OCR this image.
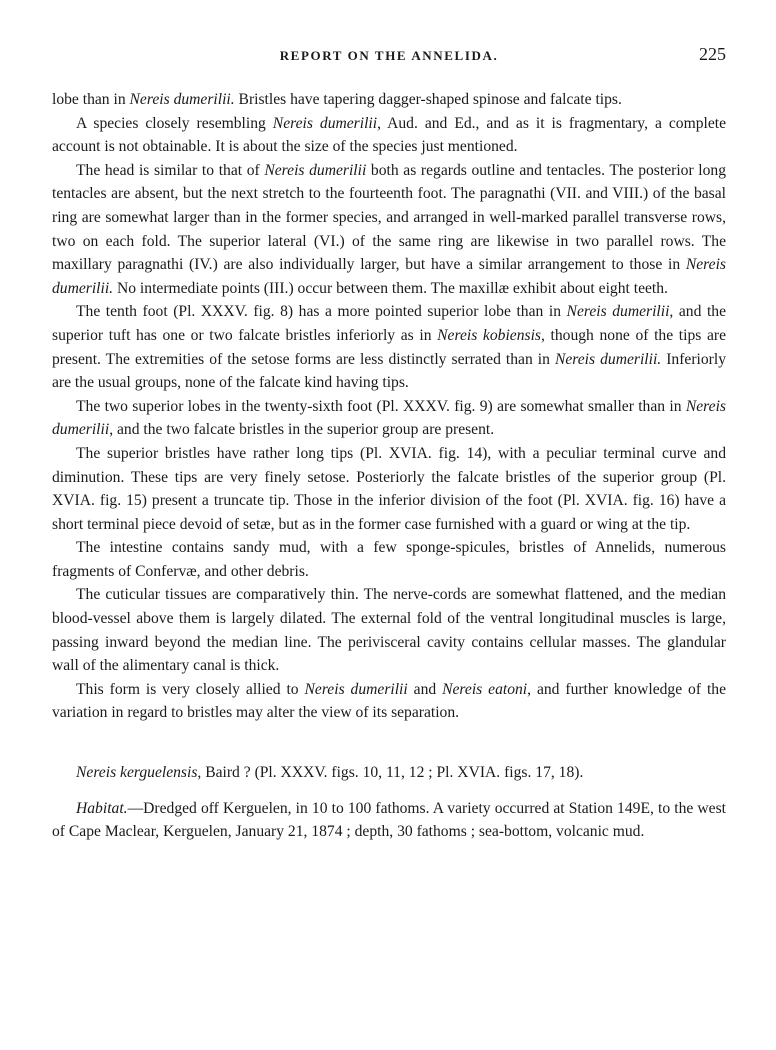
REPORT ON THE ANNELIDA.	225

lobe than in Nereis dumerilii. Bristles have tapering dagger-shaped spinose and falcate tips.

A species closely resembling Nereis dumerilii, Aud. and Ed., and as it is fragmentary, a complete account is not obtainable. It is about the size of the species just mentioned.

The head is similar to that of Nereis dumerilii both as regards outline and tentacles. The posterior long tentacles are absent, but the next stretch to the fourteenth foot. The paragnathi (VII. and VIII.) of the basal ring are somewhat larger than in the former species, and arranged in well-marked parallel transverse rows, two on each fold. The superior lateral (VI.) of the same ring are likewise in two parallel rows. The maxillary paragnathi (IV.) are also individually larger, but have a similar arrangement to those in Nereis dumerilii. No intermediate points (III.) occur between them. The maxillæ exhibit about eight teeth.

The tenth foot (Pl. XXXV. fig. 8) has a more pointed superior lobe than in Nereis dumerilii, and the superior tuft has one or two falcate bristles inferiorly as in Nereis kobiensis, though none of the tips are present. The extremities of the setose forms are less distinctly serrated than in Nereis dumerilii. Inferiorly are the usual groups, none of the falcate kind having tips.

The two superior lobes in the twenty-sixth foot (Pl. XXXV. fig. 9) are somewhat smaller than in Nereis dumerilii, and the two falcate bristles in the superior group are present.

The superior bristles have rather long tips (Pl. XVIA. fig. 14), with a peculiar terminal curve and diminution. These tips are very finely setose. Posteriorly the falcate bristles of the superior group (Pl. XVIA. fig. 15) present a truncate tip. Those in the inferior division of the foot (Pl. XVIA. fig. 16) have a short terminal piece devoid of setæ, but as in the former case furnished with a guard or wing at the tip.

The intestine contains sandy mud, with a few sponge-spicules, bristles of Annelids, numerous fragments of Confervæ, and other debris.

The cuticular tissues are comparatively thin. The nerve-cords are somewhat flattened, and the median blood-vessel above them is largely dilated. The external fold of the ventral longitudinal muscles is large, passing inward beyond the median line. The perivisceral cavity contains cellular masses. The glandular wall of the alimentary canal is thick.

This form is very closely allied to Nereis dumerilii and Nereis eatoni, and further knowledge of the variation in regard to bristles may alter the view of its separation.

Nereis kerguelensis, Baird ? (Pl. XXXV. figs. 10, 11, 12 ; Pl. XVIA. figs. 17, 18).

Habitat.—Dredged off Kerguelen, in 10 to 100 fathoms. A variety occurred at Station 149E, to the west of Cape Maclear, Kerguelen, January 21, 1874 ; depth, 30 fathoms ; sea-bottom, volcanic mud.
